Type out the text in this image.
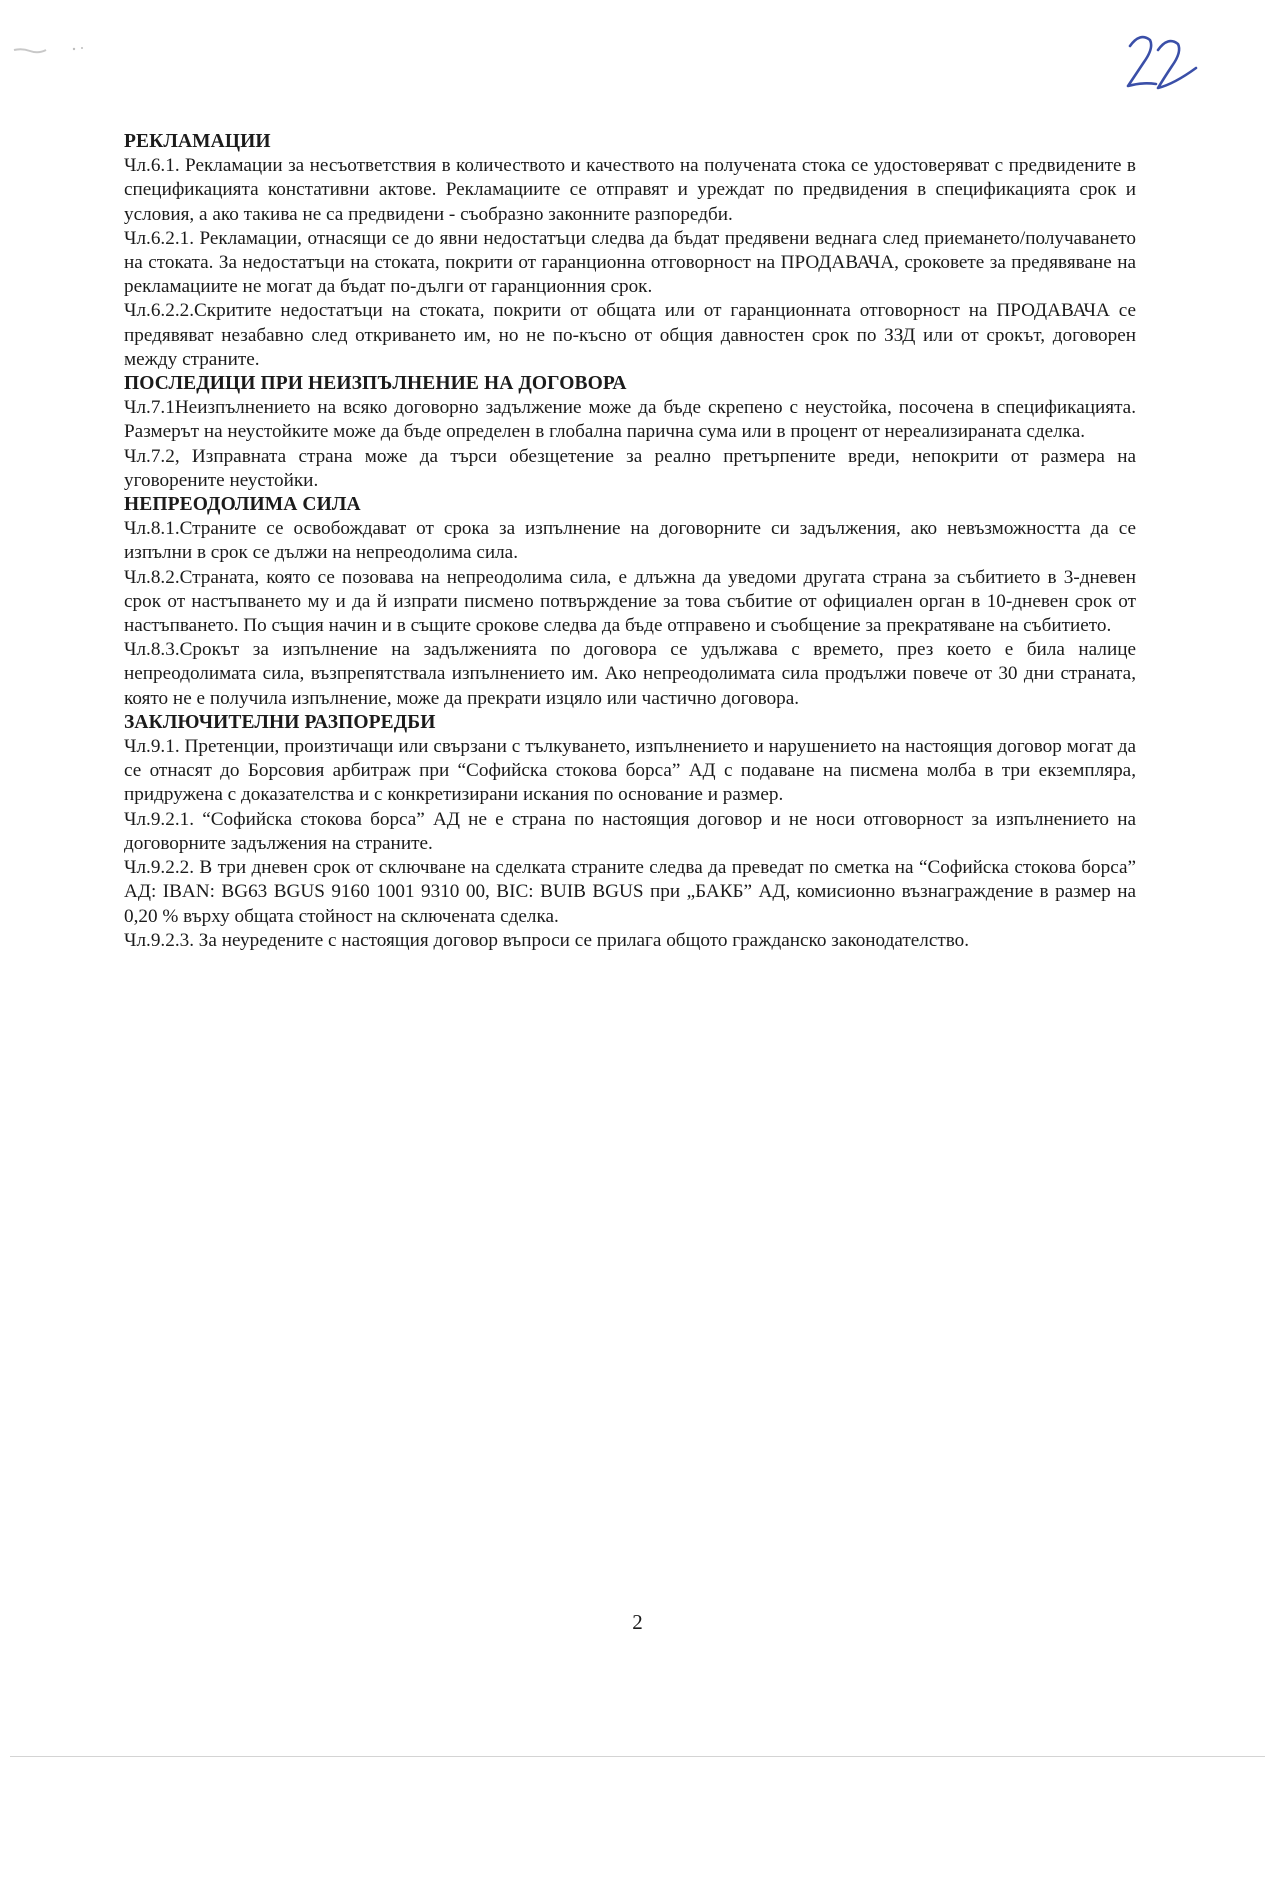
РЕКЛАМАЦИИ

Чл.6.1. Рекламации за несъответствия в количеството и качеството на получената стока се удостоверяват с предвидените в спецификацията констативни актове. Рекламациите се отправят и уреждат по предвидения в спецификацията срок и условия, а ако такива не са предвидени - съобразно законните разпоредби.

Чл.6.2.1. Рекламации, отнасящи се до явни недостатъци следва да бъдат предявени веднага след приемането/получаването на стоката. За недостатъци на стоката, покрити от гаранционна отговорност на ПРОДАВАЧА, сроковете за предявяване на рекламациите не могат да бъдат по-дълги от гаранционния срок.

Чл.6.2.2.Скритите недостатъци на стоката, покрити от общата или от гаранционната отговорност на ПРОДАВАЧА се предявяват незабавно след откриването им, но не по-късно от общия давностен срок по ЗЗД или от срокът, договорен между страните.

ПОСЛЕДИЦИ ПРИ НЕИЗПЪЛНЕНИЕ НА ДОГОВОРА

Чл.7.1Неизпълнението на всяко договорно задължение може да бъде скрепено с неустойка, посочена в спецификацията. Размерът на неустойките може да бъде определен в глобална парична сума или в процент от нереализираната сделка.

Чл.7.2, Изправната страна може да търси обезщетение за реално претърпените вреди, непокрити от размера на уговорените неустойки.

НЕПРЕОДОЛИМА СИЛА

Чл.8.1.Страните се освобождават от срока за изпълнение на договорните си задължения, ако невъзможността да се изпълни в срок се дължи на непреодолима сила.

Чл.8.2.Страната, която се позовава на непреодолима сила, е длъжна да уведоми другата страна за събитието в 3-дневен срок от настъпването му и да й изпрати писмено потвърждение за това събитие от официален орган в 10-дневен срок от настъпването. По същия начин и в същите срокове следва да бъде отправено и съобщение за прекратяване на събитието.

Чл.8.3.Срокът за изпълнение на задълженията по договора се удължава с времето, през което е била налице непреодолимата сила, възпрепятствала изпълнението им. Ако непреодолимата сила продължи повече от 30 дни страната, която не е получила изпълнение, може да прекрати изцяло или частично договора.

ЗАКЛЮЧИТЕЛНИ РАЗПОРЕДБИ

Чл.9.1. Претенции, произтичащи или свързани с тълкуването, изпълнението и нарушението на настоящия договор могат да се отнасят до Борсовия арбитраж при “Софийска стокова борса” АД с подаване на писмена молба в три екземпляра, придружена с доказателства и с конкретизирани искания по основание и размер.

Чл.9.2.1. “Софийска стокова борса” АД не е страна по настоящия договор и не носи отговорност за изпълнението на договорните задължения на страните.

Чл.9.2.2. В три дневен срок от сключване на сделката страните следва да преведат по сметка на “Софийска стокова борса” АД: IBAN: BG63 BGUS 9160 1001 9310 00, BIC: BUIB BGUS при „БАКБ” АД, комисионно възнаграждение в размер на 0,20 % върху общата стойност на сключената сделка.

Чл.9.2.3. За неуредените с настоящия договор въпроси се прилага общото гражданско законодателство.

2
